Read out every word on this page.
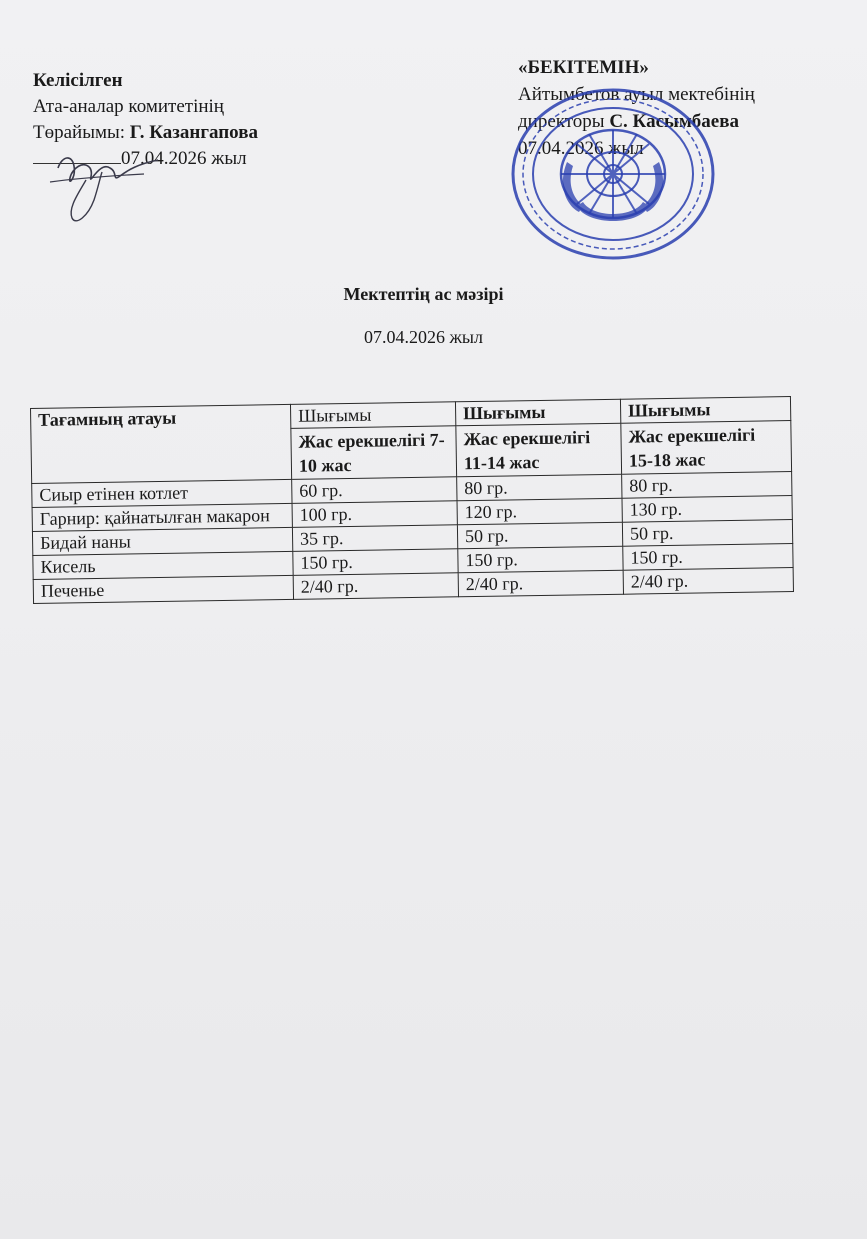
Келісілген
Ата-аналар комитетінің
Төрайымы: Г. Казангапова
07.04.2026 жыл
«БЕКІТЕМІН»
Айтымбетов ауыл мектебінің
директоры С. Касымбаева
07.04.2026 жыл
Мектептің ас мәзірі
07.04.2026 жыл
Тағамның атауы	Шығымы	Шығымы	Шығымы
	Жас ерекшелігі 7-10 жас	Жас ерекшелігі 11-14 жас	Жас ерекшелігі 15-18 жас
Сиыр етінен котлет	60 гр.	80 гр.	80 гр.
Гарнир: қайнатылған макарон	100 гр.	120 гр.	130 гр.
Бидай наны	35 гр.	50 гр.	50 гр.
Кисель	150 гр.	150 гр.	150 гр.
Печенье	2/40 гр.	2/40 гр.	2/40 гр.
